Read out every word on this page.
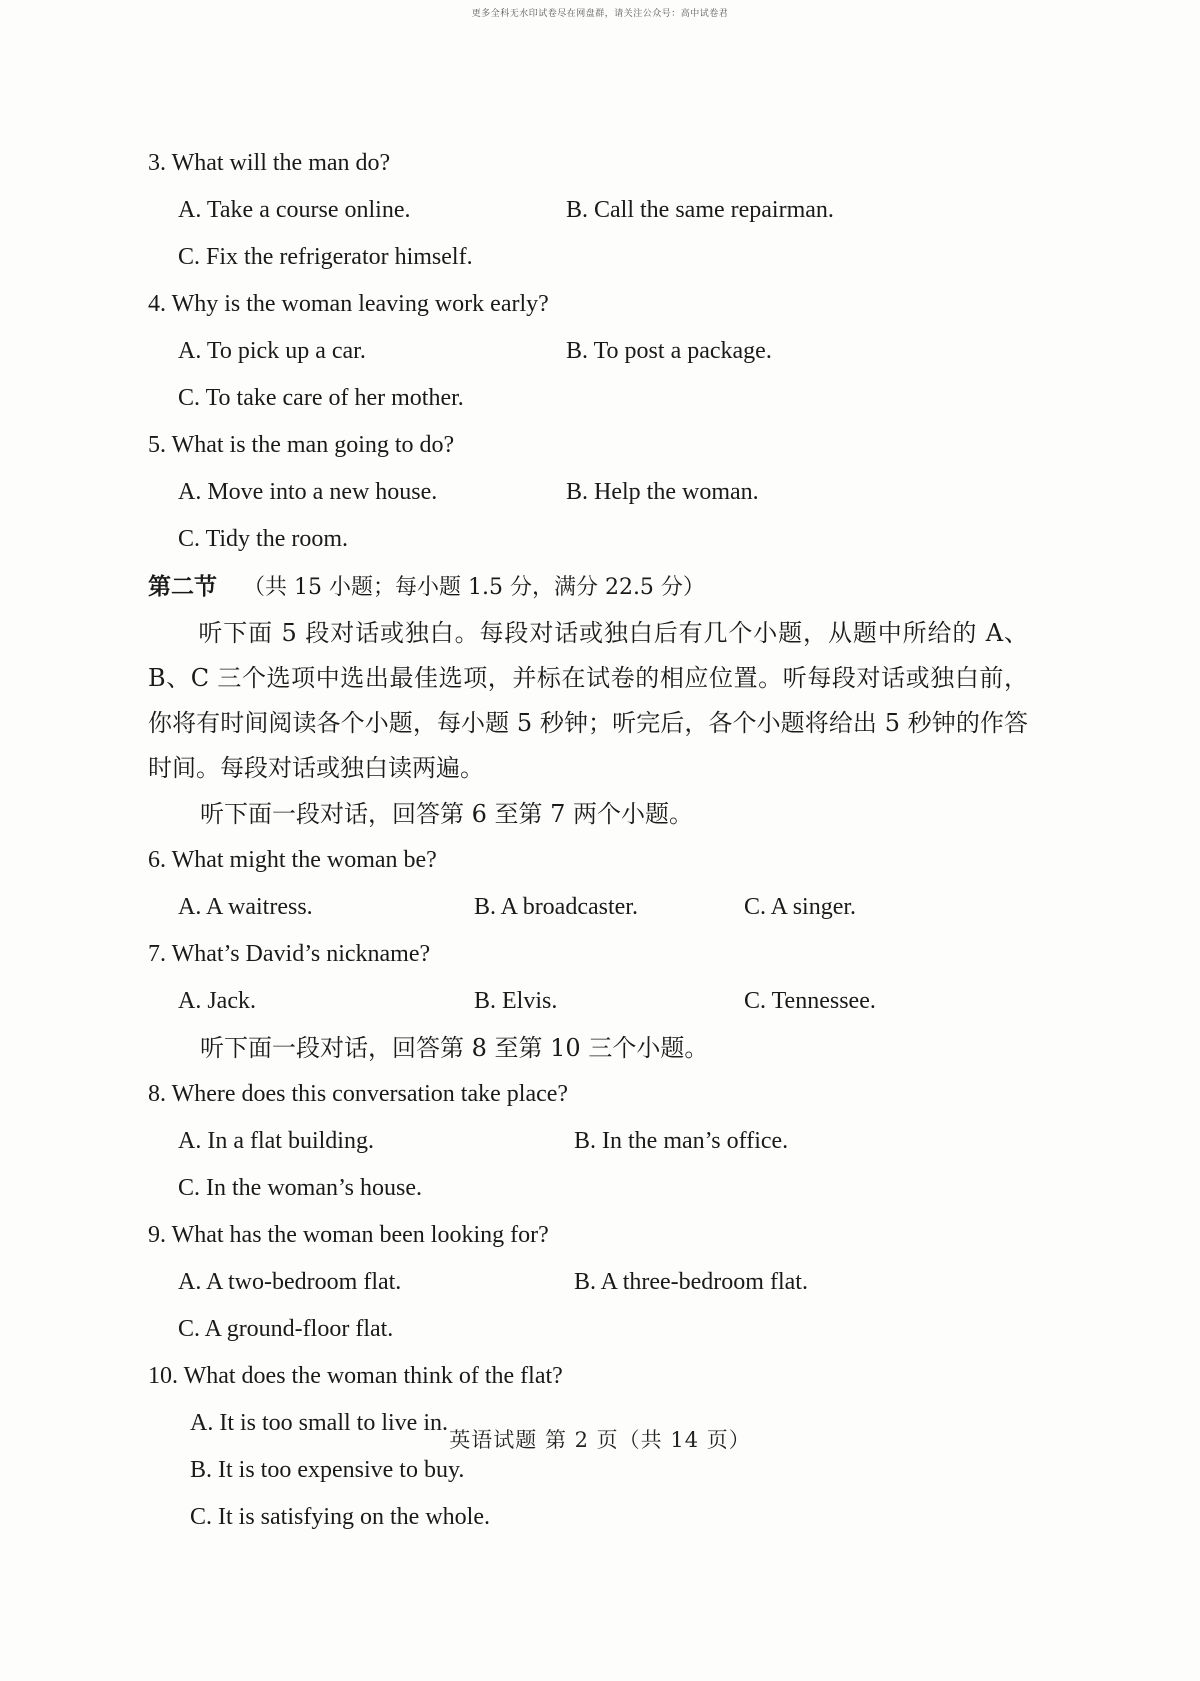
更多全科无水印试卷尽在网盘群，请关注公众号：高中试卷君
3. What will the man do?
A. Take a course online.	B. Call the same repairman.
C. Fix the refrigerator himself.
4. Why is the woman leaving work early?
A. To pick up a car.	B. To post a package.
C. To take care of her mother.
5. What is the man going to do?
A. Move into a new house.	B. Help the woman.
C. Tidy the room.
第二节 （共 15 小题；每小题 1.5 分，满分 22.5 分）

听下面 5 段对话或独白。每段对话或独白后有几个小题，从题中所给的 A、B、C 三个选项中选出最佳选项，并标在试卷的相应位置。听每段对话或独白前，你将有时间阅读各个小题，每小题 5 秒钟；听完后，各个小题将给出 5 秒钟的作答时间。每段对话或独白读两遍。

听下面一段对话，回答第 6 至第 7 两个小题。
6. What might the woman be?
A. A waitress.	B. A broadcaster.	C. A singer.
7. What’s David’s nickname?
A. Jack.	B. Elvis.	C. Tennessee.
听下面一段对话，回答第 8 至第 10 三个小题。
8. Where does this conversation take place?
A. In a flat building.	B. In the man’s office.
C. In the woman’s house.
9. What has the woman been looking for?
A. A two-bedroom flat.	B. A three-bedroom flat.
C. A ground-floor flat.
10. What does the woman think of the flat?
A. It is too small to live in.
B. It is too expensive to buy.
C. It is satisfying on the whole.
英语试题 第 2 页（共 14 页）
